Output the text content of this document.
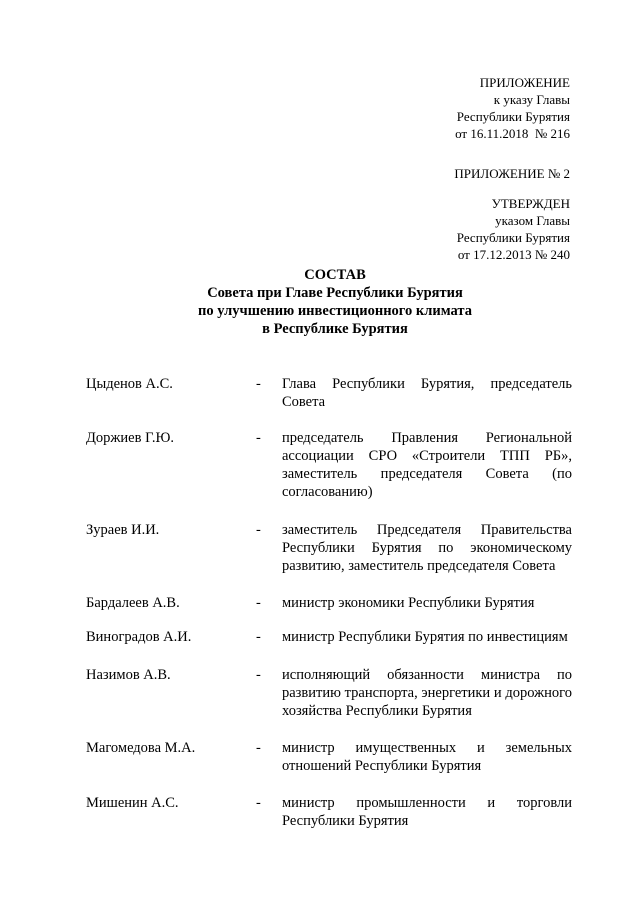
ПРИЛОЖЕНИЕ
к указу Главы
Республики Бурятия
от 16.11.2018  № 216
ПРИЛОЖЕНИЕ № 2
УТВЕРЖДЕН
указом Главы
Республики Бурятия
от 17.12.2013 № 240
СОСТАВ
Совета при Главе Республики Бурятия
по улучшению инвестиционного климата
в Республике Бурятия
Цыденов А.С.	-	Глава Республики Бурятия, председатель Совета
Доржиев Г.Ю.	-	председатель Правления Региональной ассоциации СРО «Строители ТПП РБ», заместитель председателя Совета (по согласованию)
Зураев И.И.	-	заместитель Председателя Правительства Республики Бурятия по экономическому развитию, заместитель председателя Совета
Бардалеев А.В.	-	министр экономики Республики Бурятия
Виноградов А.И.	-	министр Республики Бурятия по инвестициям
Назимов А.В.	-	исполняющий обязанности министра по развитию транспорта, энергетики и дорожного хозяйства Республики Бурятия
Магомедова М.А.	-	министр имущественных и земельных отношений Республики Бурятия
Мишенин А.С.	-	министр промышленности и торговли Республики Бурятия
